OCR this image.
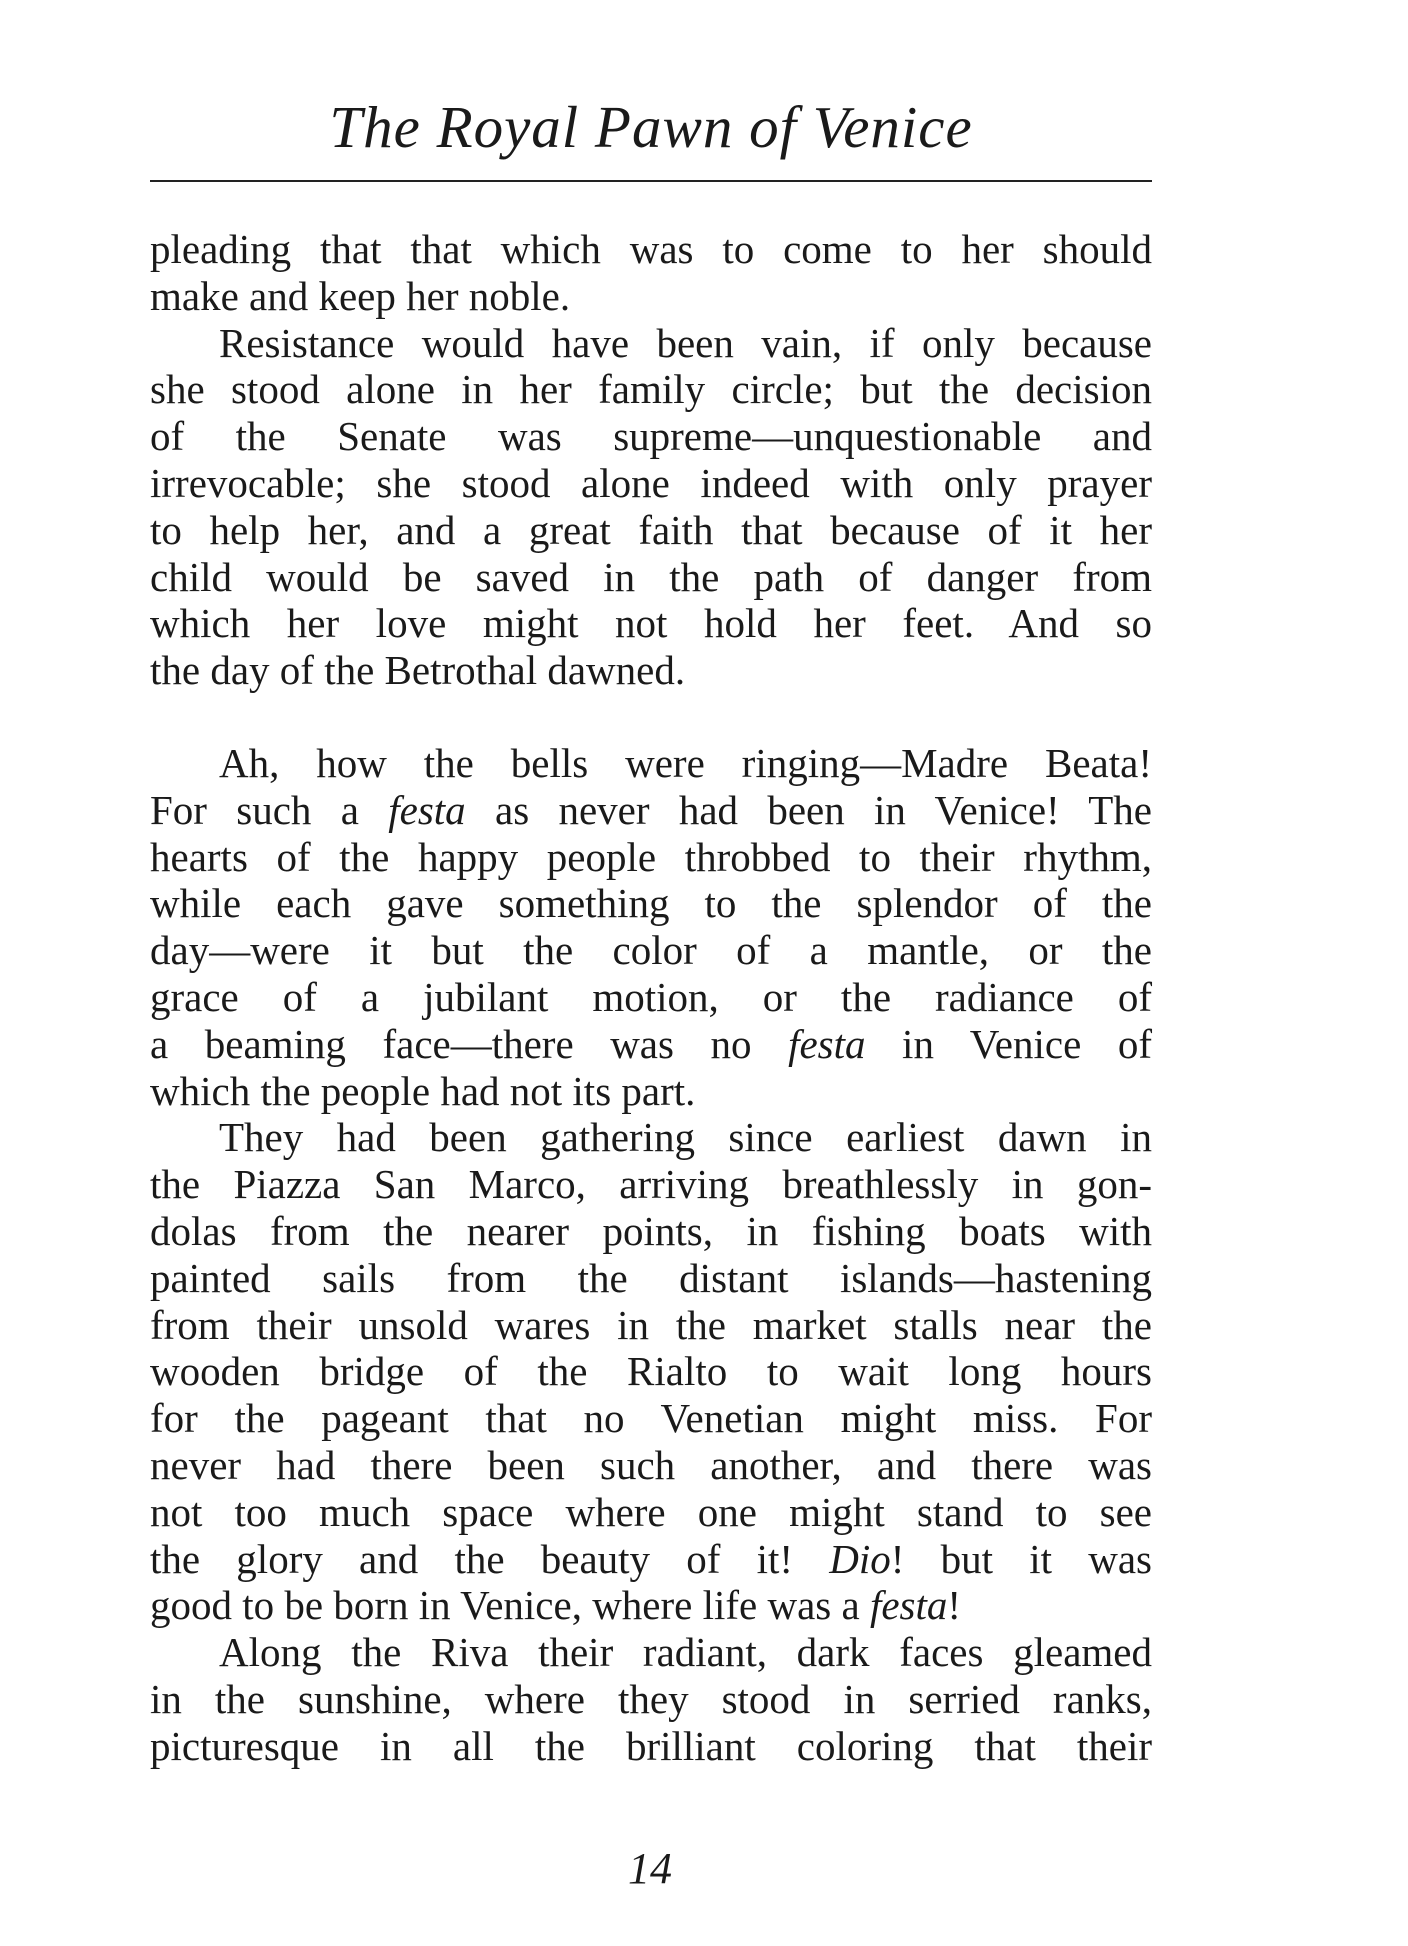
The Royal Pawn of Venice
pleading that that which was to come to her should
make and keep her noble.
Resistance would have been vain, if only because
she stood alone in her family circle; but the decision
of the Senate was supreme—unquestionable and
irrevocable; she stood alone indeed with only prayer
to help her, and a great faith that because of it her
child would be saved in the path of danger from
which her love might not hold her feet. And so
the day of the Betrothal dawned.
Ah, how the bells were ringing—Madre Beata!
For such a festa as never had been in Venice! The
hearts of the happy people throbbed to their rhythm,
while each gave something to the splendor of the
day—were it but the color of a mantle, or the
grace of a jubilant motion, or the radiance of
a beaming face—there was no festa in Venice of
which the people had not its part.
They had been gathering since earliest dawn in
the Piazza San Marco, arriving breathlessly in gon-
dolas from the nearer points, in fishing boats with
painted sails from the distant islands—hastening
from their unsold wares in the market stalls near the
wooden bridge of the Rialto to wait long hours
for the pageant that no Venetian might miss. For
never had there been such another, and there was
not too much space where one might stand to see
the glory and the beauty of it! Dio! but it was
good to be born in Venice, where life was a festa!
Along the Riva their radiant, dark faces gleamed
in the sunshine, where they stood in serried ranks,
picturesque in all the brilliant coloring that their
14
